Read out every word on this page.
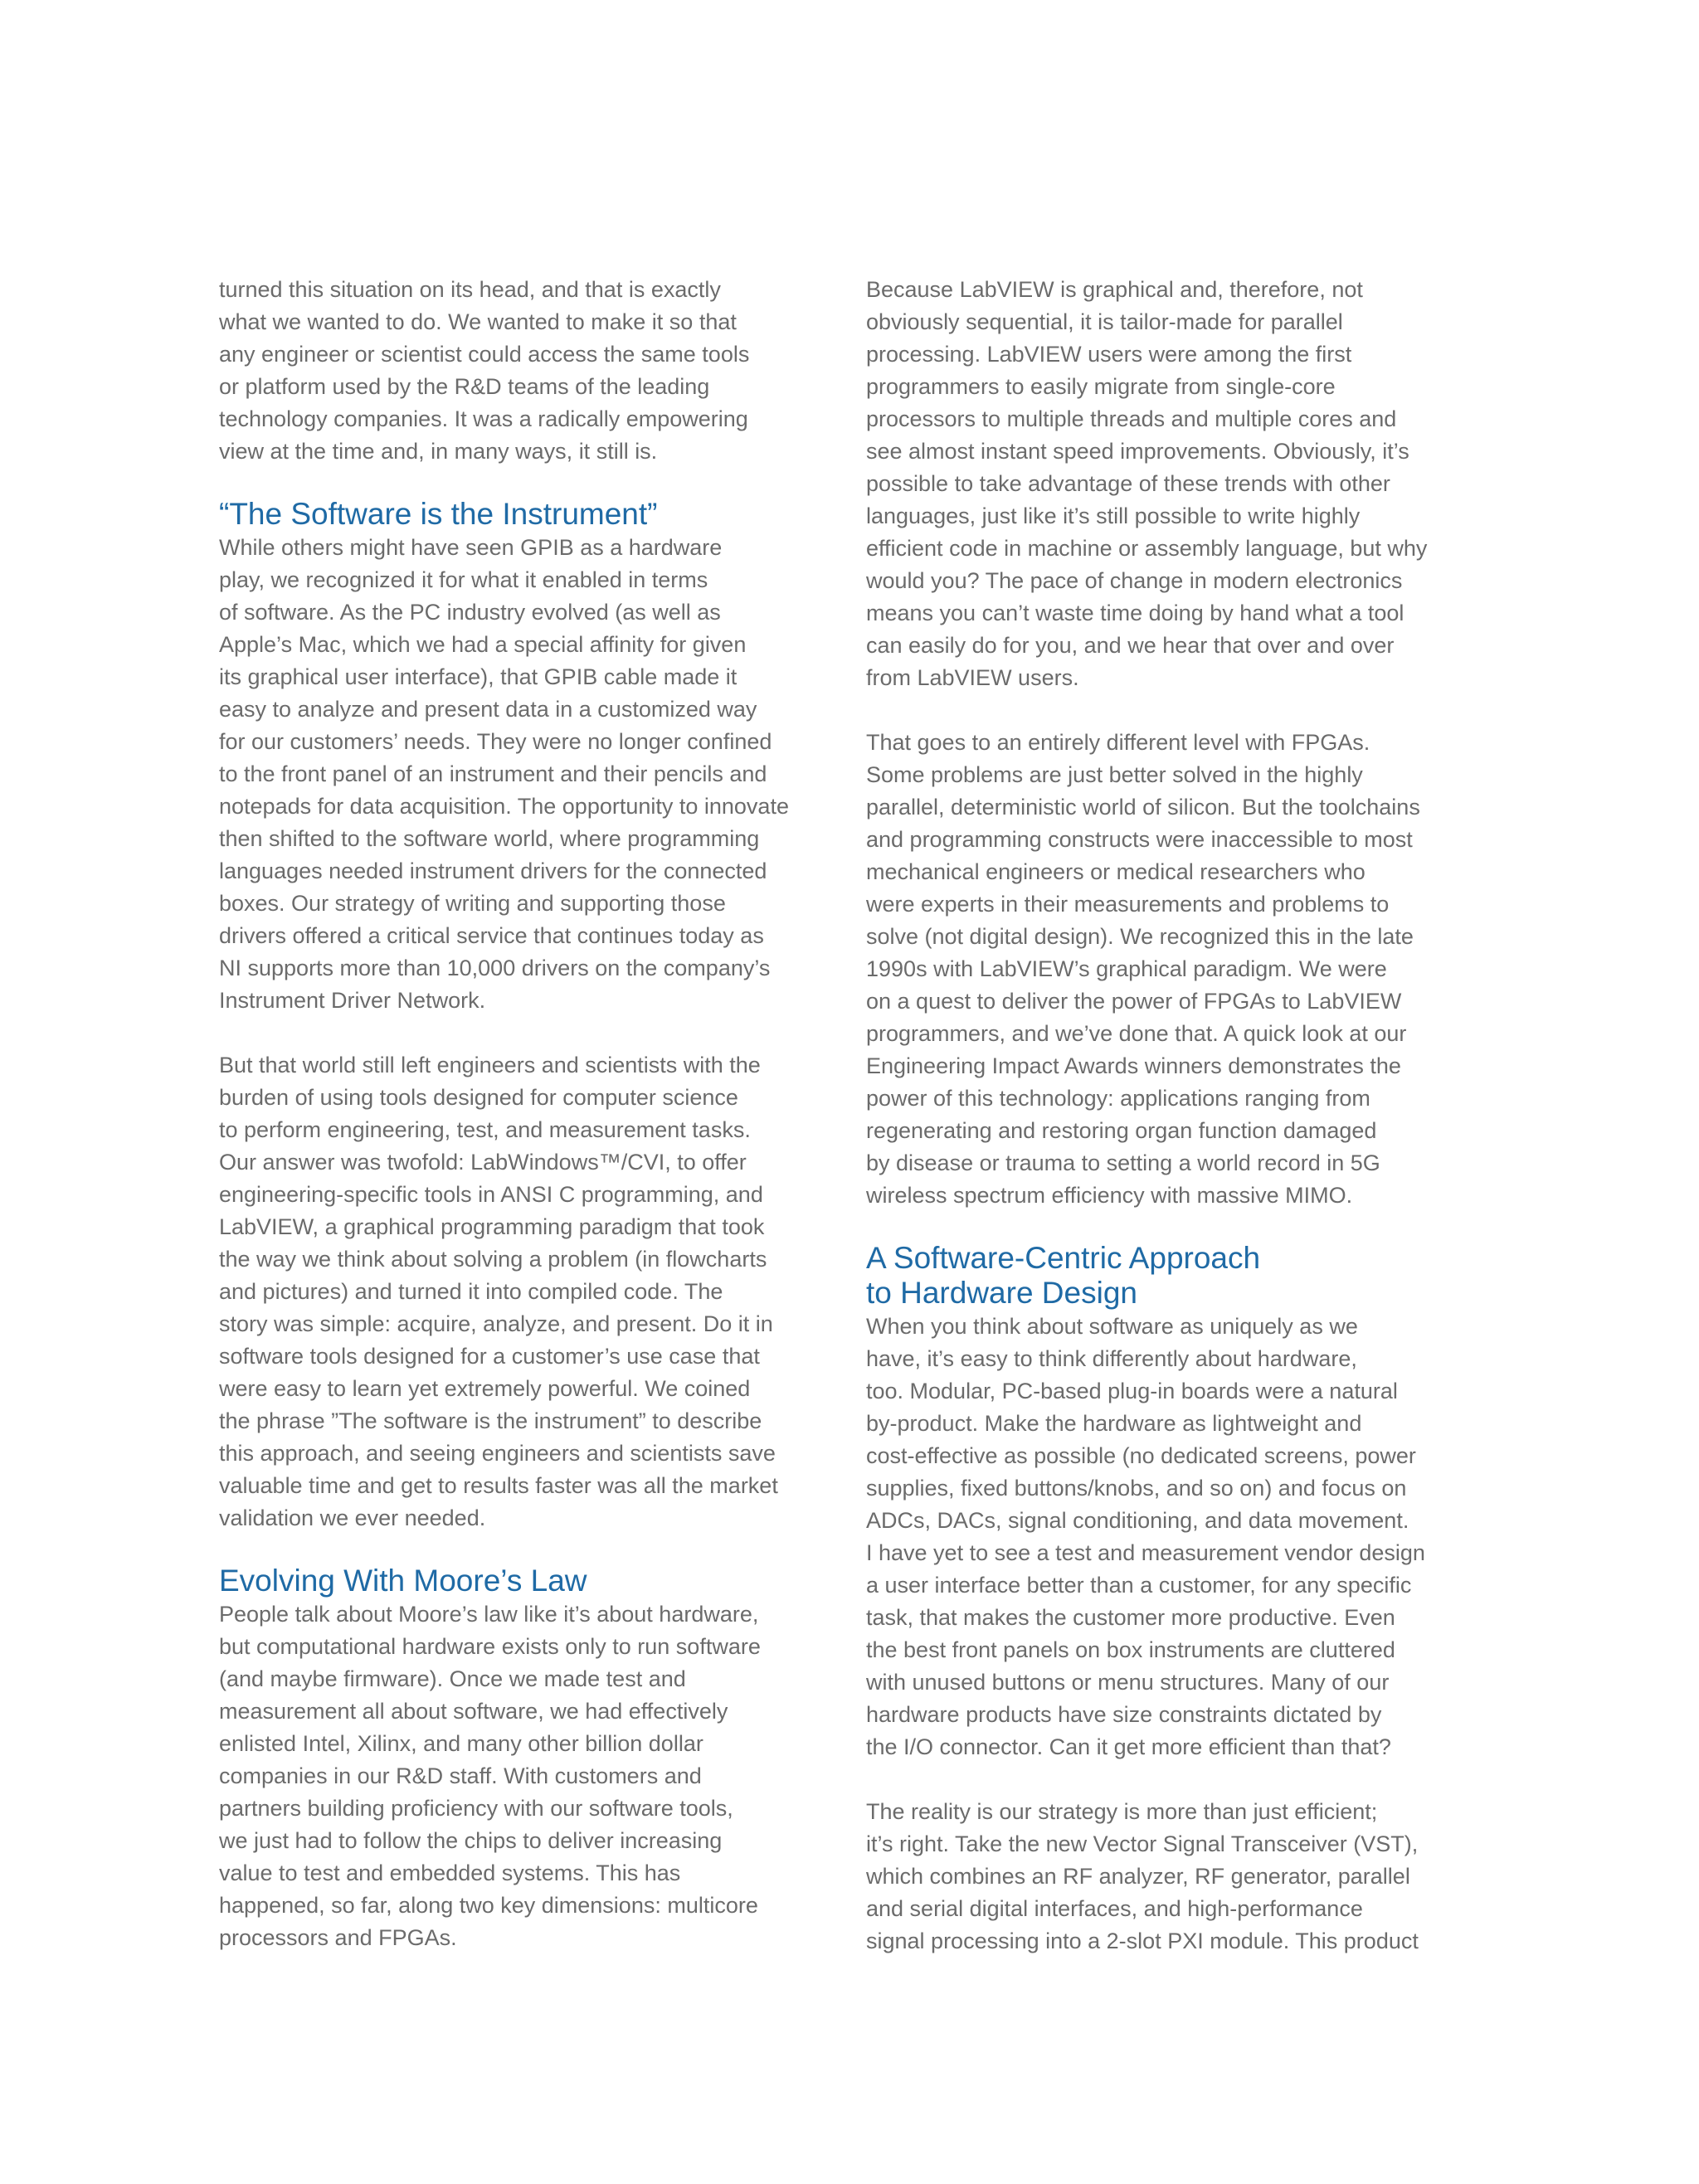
turned this situation on its head, and that is exactly
what we wanted to do. We wanted to make it so that
any engineer or scientist could access the same tools
or platform used by the R&D teams of the leading
technology companies. It was a radically empowering
view at the time and, in many ways, it still is.
“The Software is the Instrument”
While others might have seen GPIB as a hardware
play, we recognized it for what it enabled in terms
of software. As the PC industry evolved (as well as
Apple’s Mac, which we had a special affinity for given
its graphical user interface), that GPIB cable made it
easy to analyze and present data in a customized way
for our customers’ needs. They were no longer confined
to the front panel of an instrument and their pencils and
notepads for data acquisition. The opportunity to innovate
then shifted to the software world, where programming
languages needed instrument drivers for the connected
boxes. Our strategy of writing and supporting those
drivers offered a critical service that continues today as
NI supports more than 10,000 drivers on the company’s
Instrument Driver Network.
But that world still left engineers and scientists with the
burden of using tools designed for computer science
to perform engineering, test, and measurement tasks.
Our answer was twofold: LabWindows™/CVI, to offer
engineering-specific tools in ANSI C programming, and
LabVIEW, a graphical programming paradigm that took
the way we think about solving a problem (in flowcharts
and pictures) and turned it into compiled code. The
story was simple: acquire, analyze, and present. Do it in
software tools designed for a customer’s use case that
were easy to learn yet extremely powerful. We coined
the phrase ”The software is the instrument” to describe
this approach, and seeing engineers and scientists save
valuable time and get to results faster was all the market
validation we ever needed.
Evolving With Moore’s Law
People talk about Moore’s law like it’s about hardware,
but computational hardware exists only to run software
(and maybe firmware). Once we made test and
measurement all about software, we had effectively
enlisted Intel, Xilinx, and many other billion dollar
companies in our R&D staff. With customers and
partners building proficiency with our software tools,
we just had to follow the chips to deliver increasing
value to test and embedded systems. This has
happened, so far, along two key dimensions: multicore
processors and FPGAs.
Because LabVIEW is graphical and, therefore, not
obviously sequential, it is tailor-made for parallel
processing. LabVIEW users were among the first
programmers to easily migrate from single-core
processors to multiple threads and multiple cores and
see almost instant speed improvements. Obviously, it’s
possible to take advantage of these trends with other
languages, just like it’s still possible to write highly
efficient code in machine or assembly language, but why
would you? The pace of change in modern electronics
means you can’t waste time doing by hand what a tool
can easily do for you, and we hear that over and over
from LabVIEW users.
That goes to an entirely different level with FPGAs.
Some problems are just better solved in the highly
parallel, deterministic world of silicon. But the toolchains
and programming constructs were inaccessible to most
mechanical engineers or medical researchers who
were experts in their measurements and problems to
solve (not digital design). We recognized this in the late
1990s with LabVIEW’s graphical paradigm. We were
on a quest to deliver the power of FPGAs to LabVIEW
programmers, and we’ve done that. A quick look at our
Engineering Impact Awards winners demonstrates the
power of this technology: applications ranging from
regenerating and restoring organ function damaged
by disease or trauma to setting a world record in 5G
wireless spectrum efficiency with massive MIMO.
A Software-Centric Approach
to Hardware Design
When you think about software as uniquely as we
have, it’s easy to think differently about hardware,
too. Modular, PC-based plug-in boards were a natural
by-product. Make the hardware as lightweight and
cost-effective as possible (no dedicated screens, power
supplies, fixed buttons/knobs, and so on) and focus on
ADCs, DACs, signal conditioning, and data movement.
I have yet to see a test and measurement vendor design
a user interface better than a customer, for any specific
task, that makes the customer more productive. Even
the best front panels on box instruments are cluttered
with unused buttons or menu structures. Many of our
hardware products have size constraints dictated by
the I/O connector. Can it get more efficient than that?
The reality is our strategy is more than just efficient;
it’s right. Take the new Vector Signal Transceiver (VST),
which combines an RF analyzer, RF generator, parallel
and serial digital interfaces, and high-performance
signal processing into a 2-slot PXI module. This product
